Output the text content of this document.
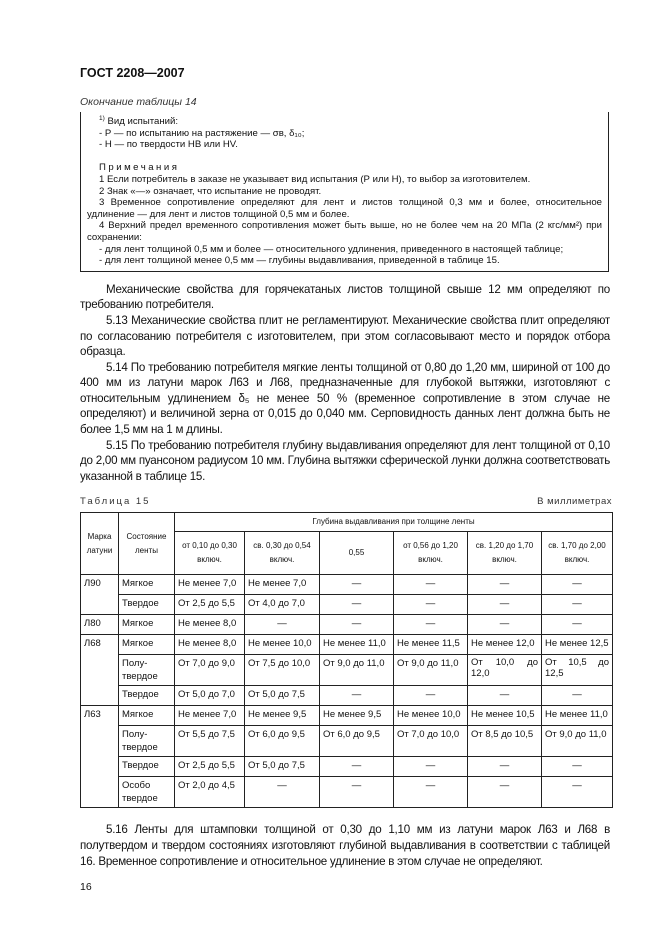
ГОСТ 2208—2007
Окончание таблицы 14
$^{1)}$ Вид испытаний:
- Р — по испытанию на растяжение — σв, δ₁₀;
- Н — по твердости НВ или HV.
Примечания
1 Если потребитель в заказе не указывает вид испытания (Р или Н), то выбор за изготовителем.
2 Знак «—» означает, что испытание не проводят.
3 Временное сопротивление определяют для лент и листов толщиной 0,3 мм и более, относительное удлинение — для лент и листов толщиной 0,5 мм и более.
4 Верхний предел временного сопротивления может быть выше, но не более чем на 20 МПа (2 кгс/мм²) при сохранении:
- для лент толщиной 0,5 мм и более — относительного удлинения, приведенного в настоящей таблице;
- для лент толщиной менее 0,5 мм — глубины выдавливания, приведенной в таблице 15.

Механические свойства для горячекатаных листов толщиной свыше 12 мм определяют по требованию потребителя.

5.13 Механические свойства плит не регламентируют. Механические свойства плит определяют по согласованию потребителя с изготовителем, при этом согласовывают место и порядок отбора образца.

5.14 По требованию потребителя мягкие ленты толщиной от 0,80 до 1,20 мм, шириной от 100 до 400 мм из латуни марок Л63 и Л68, предназначенные для глубокой вытяжки, изготовляют с относительным удлинением δ₅ не менее 50 % (временное сопротивление в этом случае не определяют) и величиной зерна от 0,015 до 0,040 мм. Серповидность данных лент должна быть не более 1,5 мм на 1 м длины.

5.15 По требованию потребителя глубину выдавливания определяют для лент толщиной от 0,10 до 2,00 мм пуансоном радиусом 10 мм. Глубина вытяжки сферической лунки должна соответствовать указанной в таблице 15.

Таблица 15	В миллиметрах
Марка латуни	Состояние ленты	Глубина выдавливания при толщине ленты					
		от 0,10 до 0,30 включ.	св. 0,30 до 0,54 включ.	0,55	от 0,56 до 1,20 включ.	св. 1,20 до 1,70 включ.	св. 1,70 до 2,00 включ.
Л90	Мягкое	Не менее 7,0	Не менее 7,0	—	—	—	—
	Твердое	От 2,5 до 5,5	От 4,0 до 7,0	—	—	—	—
Л80	Мягкое	Не менее 8,0	—	—	—	—	—
Л68	Мягкое	Не менее 8,0	Не менее 10,0	Не менее 11,0	Не менее 11,5	Не менее 12,0	Не менее 12,5
	Полу-твердое	От 7,0 до 9,0	От 7,5 до 10,0	От 9,0 до 11,0	От 9,0 до 11,0	От 10,0 до 12,0	От 10,5 до 12,5
	Твердое	От 5,0 до 7,0	От 5,0 до 7,5	—	—	—	—
Л63	Мягкое	Не менее 7,0	Не менее 9,5	Не менее 9,5	Не менее 10,0	Не менее 10,5	Не менее 11,0
	Полу-твердое	От 5,5 до 7,5	От 6,0 до 9,5	От 6,0 до 9,5	От 7,0 до 10,0	От 8,5 до 10,5	От 9,0 до 11,0
	Твердое	От 2,5 до 5,5	От 5,0 до 7,5	—	—	—	—
	Особо твердое	От 2,0 до 4,5	—	—	—	—	—

5.16 Ленты для штамповки толщиной от 0,30 до 1,10 мм из латуни марок Л63 и Л68 в полутвердом и твердом состояниях изготовляют глубиной выдавливания в соответствии с таблицей 16. Временное сопротивление и относительное удлинение в этом случае не определяют.

16
